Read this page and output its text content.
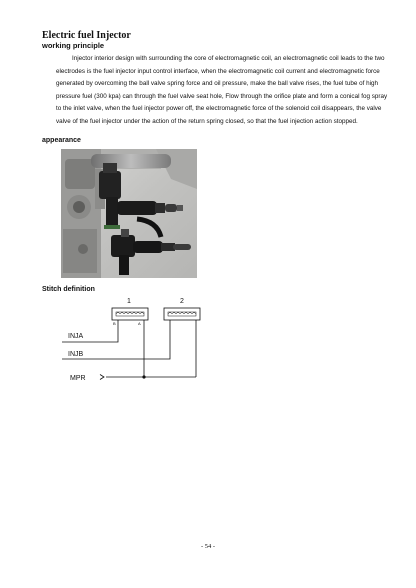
Electric fuel Injector
working principle

Injector interior design with surrounding the core of electromagnetic coil, an electromagnetic coil leads to the two electrodes is the fuel injector input control interface, when the electromagnetic coil current and electromagnetic force generated by overcoming the ball valve spring force and oil pressure, make the ball valve rises, the fuel tube of high pressure fuel (300 kpa) can through the fuel valve seat hole, Flow through the orifice plate and form a conical fog spray to the inlet valve, when the fuel injector power off, the electromagnetic force of the solenoid coil disappears, the valve valve of the fuel injector under the action of the return spring closed, so that the fuel injection action stopped.

appearance
Stitch definition
1	2
B	A
INJA
INJB
MPR
- 54 -
